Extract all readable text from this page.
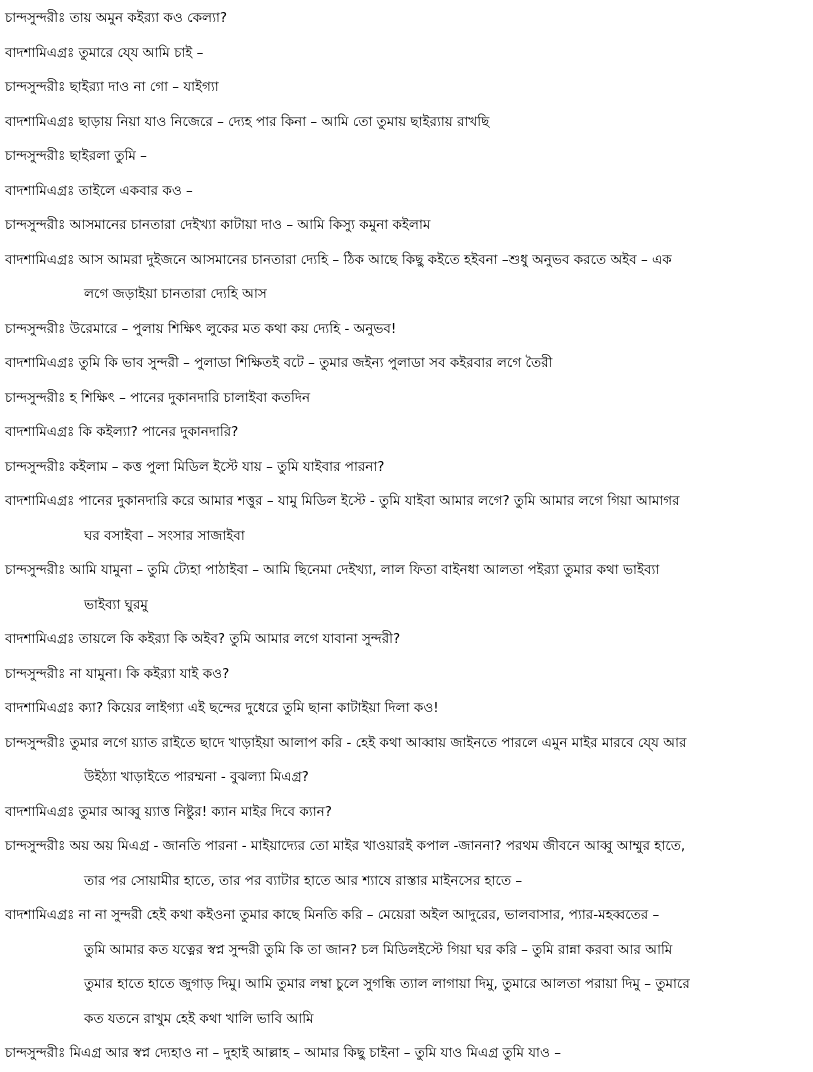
চান্দসুন্দরীঃ তায় অমুন কইর‍্যা কও কেল্যা?
বাদশামিএগ্রঃ তুমারে যে্য আমি চাই –
চান্দসুন্দরীঃ ছাইর‍্যা দাও না গো – যাইগ্যা
বাদশামিএগ্রঃ ছাড়ায় নিয়া যাও নিজেরে – দ্যেহ পার কিনা – আমি তো তুমায় ছাইর‍্যায় রাখছি
চান্দসুন্দরীঃ ছাইরলা তুমি –
বাদশামিএগ্রঃ তাইলে একবার কও –
চান্দসুন্দরীঃ আসমানের চানতারা দেইখ্যা কাটায়া দাও – আমি কিস্যু কমুনা কইলাম
বাদশামিএগ্রঃ আস আমরা দুইজনে আসমানের চানতারা দ্যেহি – ঠিক আছে কিছু কইতে হইবনা –শুধু অনুভব করতে অইব – এক
লগে জড়াইয়া চানতারা দ্যেহি আস
চান্দসুন্দরীঃ উরেমারে – পুলায় শিক্ষিৎ লুকের মত কথা কয় দ্যেহি - অনুভব!
বাদশামিএগ্রঃ তুমি কি ভাব সুন্দরী – পুলাডা শিক্ষিতই বটে – তুমার জইন্য পুলাডা সব কইরবার লগে তৈরী
চান্দসুন্দরীঃ হ শিক্ষিৎ – পানের দুকানদারি চালাইবা কতদিন
বাদশামিএগ্রঃ কি কইল্যা? পানের দুকানদারি?
চান্দসুন্দরীঃ কইলাম – কত্ত পুলা মিডিল ইস্টে যায় – তুমি যাইবার পারনা?
বাদশামিএগ্রঃ পানের দুকানদারি করে আমার শত্তুর – যামু মিডিল ইস্টে - তুমি যাইবা আমার লগে? তুমি আমার লগে গিয়া আমাগর
ঘর বসাইবা – সংসার সাজাইবা
চান্দসুন্দরীঃ আমি যামুনা – তুমি ট্যেহা পাঠাইবা – আমি ছিনেমা দেইখ্যা, লাল ফিতা বাইনধা আলতা পইর‍্যা তুমার কথা ভাইব্যা
ভাইব্যা ঘুরমু
বাদশামিএগ্রঃ তায়লে কি কইর‍্যা কি অইব? তুমি আমার লগে যাবানা সুন্দরী?
চান্দসুন্দরীঃ না যামুনা। কি কইর‍্যা যাই কও?
বাদশামিএগ্রঃ ক্যা? কিয়ের লাইগ্যা এই ছন্দের দুধেরে তুমি ছানা কাটাইয়া দিলা কও!
চান্দসুন্দরীঃ তুমার লগে য়্যাত রাইতে ছাদে খাড়াইয়া আলাপ করি - হেই কথা আব্বায় জাইনতে পারলে এমুন মাইর মারবে যে্য আর
উইঠ্যা খাড়াইতে পারম্মনা - বুঝল্যা মিএগ্র?
বাদশামিএগ্রঃ তুমার আব্বু য়্যাত্ত নিষ্টুর! ক্যান মাইর দিবে ক্যান?
চান্দসুন্দরীঃ অয় অয় মিএগ্র - জানতি পারনা - মাইয়াদ্যের তো মাইর খাওয়ারই কপাল -জাননা? পরথম জীবনে আব্বু আম্মুর হাতে,
তার পর সোয়ামীর হাতে, তার পর ব্যাটার হাতে আর শ্যাষে রাস্তার মাইনসের হাতে –
বাদশামিএগ্রঃ না না সুন্দরী হেই কথা কইওনা তুমার কাছে মিনতি করি – মেয়েরা অইল আদুরের, ভালবাসার, প্যার-মহব্বতের –
তুমি আমার কত যত্নের স্বপ্ন সুন্দরী তুমি কি তা জান? চল মিডিলইস্টে গিয়া ঘর করি – তুমি রান্না করবা আর আমি
তুমার হাতে হাতে জুগাড় দিমু। আমি তুমার লম্বা চুলে সুগন্ধি ত্যাল লাগায়া দিমু, তুমারে আলতা পরায়া দিমু – তুমারে
কত যতনে রাখুম হেই কথা খালি ভাবি আমি
চান্দসুন্দরীঃ মিএগ্র আর স্বপ্ন দ্যেহাও না – দুহাই আল্লাহ – আমার কিছু চাইনা – তুমি যাও মিএগ্র তুমি যাও –
